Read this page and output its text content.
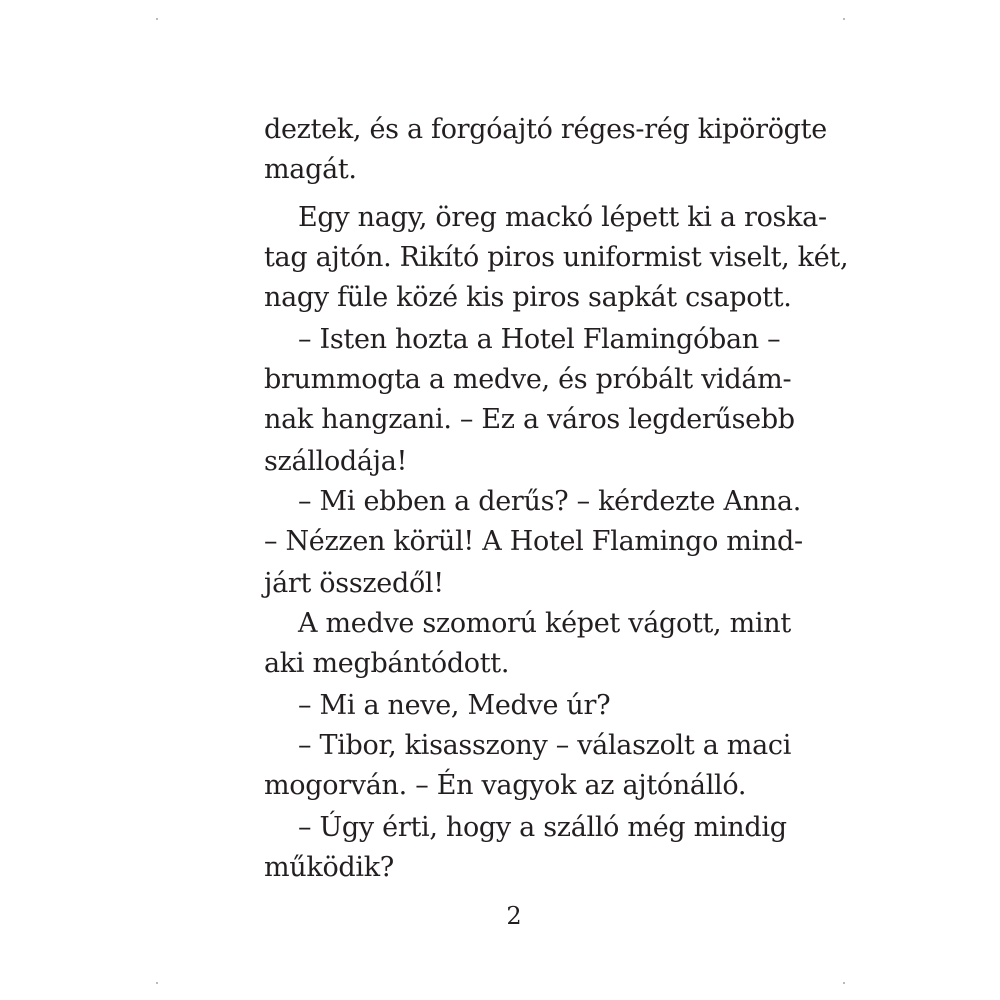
deztek, és a forgóajtó réges-rég kipörögte
magát.
Egy nagy, öreg mackó lépett ki a roska-
tag ajtón. Rikító piros uniformist viselt, két,
nagy füle közé kis piros sapkát csapott.
– Isten hozta a Hotel Flamingóban –
brummogta a medve, és próbált vidám-
nak hangzani. – Ez a város legderűsebb
szállodája!
– Mi ebben a derűs? – kérdezte Anna.
– Nézzen körül! A Hotel Flamingo mind-
járt összedől!
A medve szomorú képet vágott, mint
aki megbántódott.
– Mi a neve, Medve úr?
– Tibor, kisasszony – válaszolt a maci
mogorván. – Én vagyok az ajtónálló.
– Úgy érti, hogy a szálló még mindig
működik?
2
